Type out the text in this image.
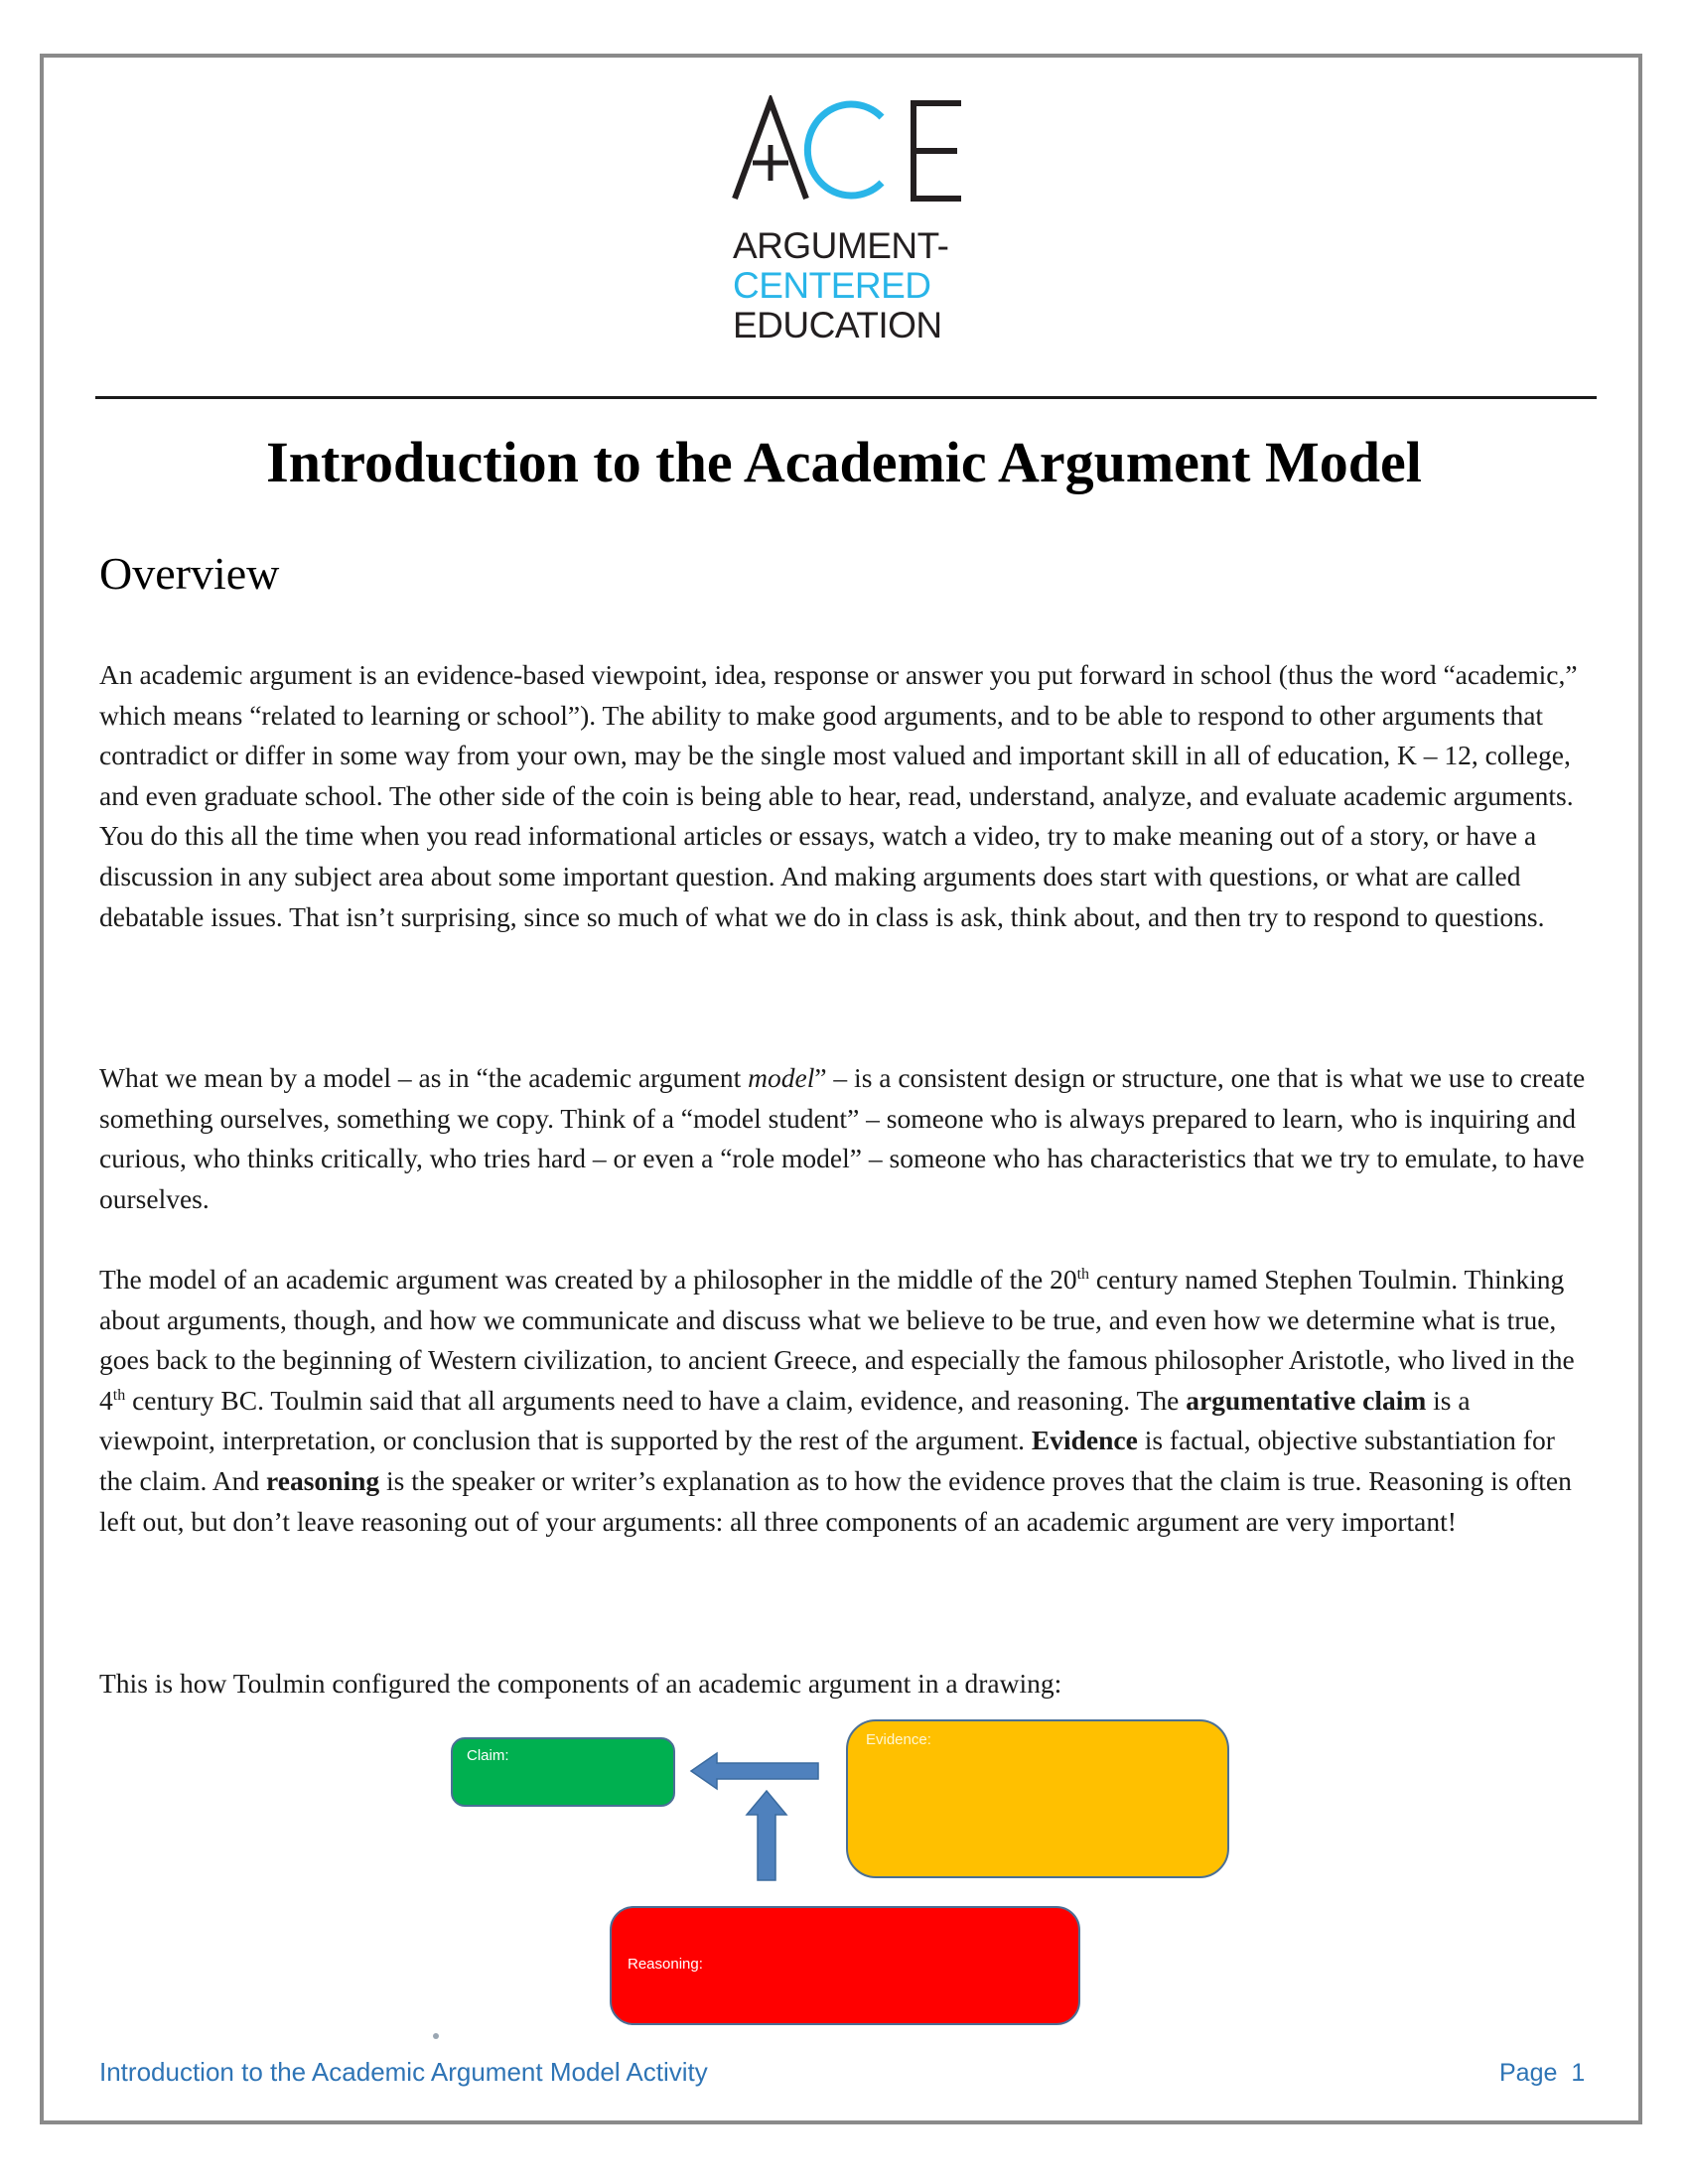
ARGUMENT-
CENTERED
EDUCATION
Introduction to the Academic Argument Model
Overview

An academic argument is an evidence-based viewpoint, idea, response or answer you put forward in school (thus the word “academic,” which means “related to learning or school”). The ability to make good arguments, and to be able to respond to other arguments that contradict or differ in some way from your own, may be the single most valued and important skill in all of education, K – 12, college, and even graduate school. The other side of the coin is being able to hear, read, understand, analyze, and evaluate academic arguments. You do this all the time when you read informational articles or essays, watch a video, try to make meaning out of a story, or have a discussion in any subject area about some important question. And making arguments does start with questions, or what are called debatable issues. That isn’t surprising, since so much of what we do in class is ask, think about, and then try to respond to questions.

What we mean by a model – as in “the academic argument model” – is a consistent design or structure, one that is what we use to create something ourselves, something we copy. Think of a “model student” – someone who is always prepared to learn, who is inquiring and curious, who thinks critically, who tries hard – or even a “role model” – someone who has characteristics that we try to emulate, to have ourselves.

The model of an academic argument was created by a philosopher in the middle of the 20th century named Stephen Toulmin. Thinking about arguments, though, and how we communicate and discuss what we believe to be true, and even how we determine what is true, goes back to the beginning of Western civilization, to ancient Greece, and especially the famous philosopher Aristotle, who lived in the 4th century BC. Toulmin said that all arguments need to have a claim, evidence, and reasoning. The argumentative claim is a viewpoint, interpretation, or conclusion that is supported by the rest of the argument. Evidence is factual, objective substantiation for the claim. And reasoning is the speaker or writer’s explanation as to how the evidence proves that the claim is true. Reasoning is often left out, but don’t leave reasoning out of your arguments: all three components of an academic argument are very important!

This is how Toulmin configured the components of an academic argument in a drawing:

Claim:
Evidence:
Reasoning:
Introduction to the Academic Argument Model Activity	Page 1
